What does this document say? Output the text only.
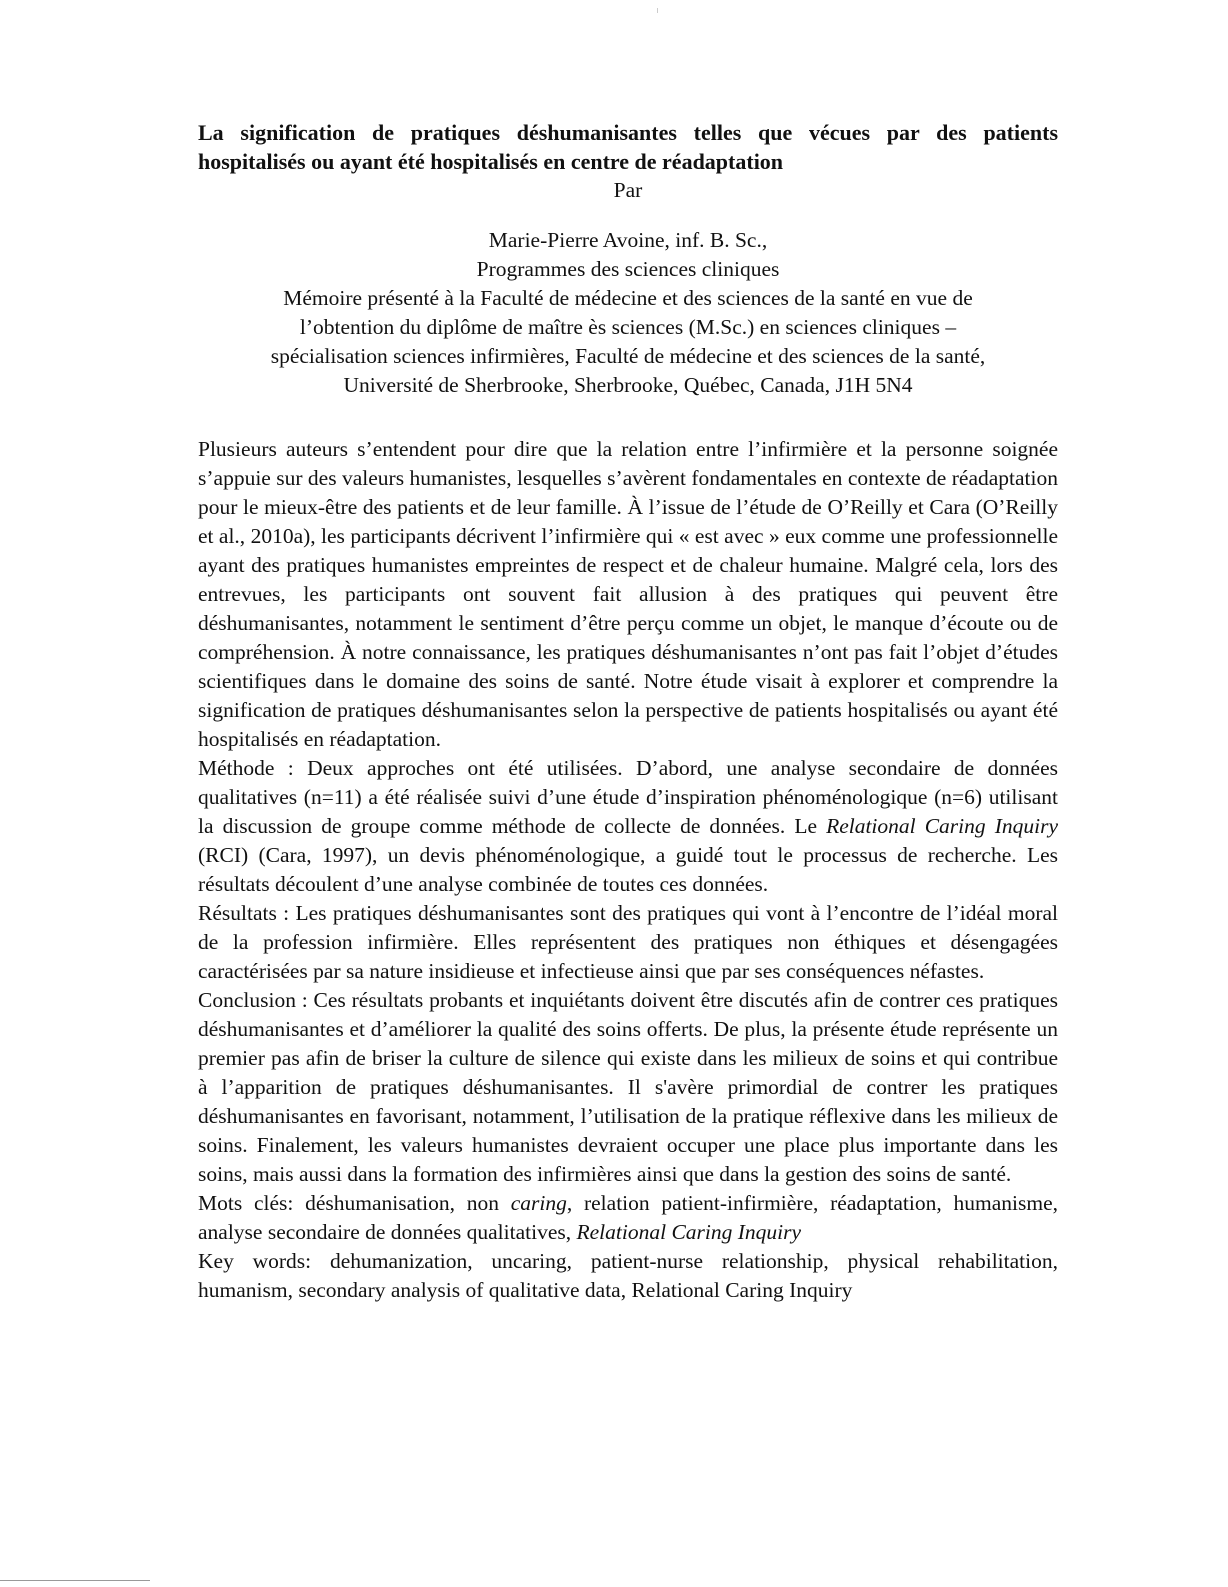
La signification de pratiques déshumanisantes telles que vécues par des patients
hospitalisés ou ayant été hospitalisés en centre de réadaptation

Par

Marie-Pierre Avoine, inf. B. Sc.,

Programmes des sciences cliniques

Mémoire présenté à la Faculté de médecine et des sciences de la santé en vue de

l’obtention du diplôme de maître ès sciences (M.Sc.) en sciences cliniques –

spécialisation sciences infirmières, Faculté de médecine et des sciences de la santé,

Université de Sherbrooke, Sherbrooke, Québec, Canada, J1H 5N4

Plusieurs auteurs s’entendent pour dire que la relation entre l’infirmière et la personne soignée s’appuie sur des valeurs humanistes, lesquelles s’avèrent fondamentales en contexte de réadaptation pour le mieux-être des patients et de leur famille. À l’issue de l’étude de O’Reilly et Cara (O’Reilly et al., 2010a), les participants décrivent l’infirmière qui « est avec » eux comme une professionnelle ayant des pratiques humanistes empreintes de respect et de chaleur humaine. Malgré cela, lors des entrevues, les participants ont souvent fait allusion à des pratiques qui peuvent être déshumanisantes, notamment le sentiment d’être perçu comme un objet, le manque d’écoute ou de compréhension. À notre connaissance, les pratiques déshumanisantes n’ont pas fait l’objet d’études scientifiques dans le domaine des soins de santé. Notre étude visait à explorer et comprendre la signification de pratiques déshumanisantes selon la perspective de patients hospitalisés ou ayant été hospitalisés en réadaptation.

Méthode : Deux approches ont été utilisées. D’abord, une analyse secondaire de données qualitatives (n=11) a été réalisée suivi d’une étude d’inspiration phénoménologique (n=6) utilisant la discussion de groupe comme méthode de collecte de données. Le Relational Caring Inquiry (RCI) (Cara, 1997), un devis phénoménologique, a guidé tout le processus de recherche. Les résultats découlent d’une analyse combinée de toutes ces données.

Résultats : Les pratiques déshumanisantes sont des pratiques qui vont à l’encontre de l’idéal moral de la profession infirmière. Elles représentent des pratiques non éthiques et désengagées caractérisées par sa nature insidieuse et infectieuse ainsi que par ses conséquences néfastes.

Conclusion : Ces résultats probants et inquiétants doivent être discutés afin de contrer ces pratiques déshumanisantes et d’améliorer la qualité des soins offerts. De plus, la présente étude représente un premier pas afin de briser la culture de silence qui existe dans les milieux de soins et qui contribue à l’apparition de pratiques déshumanisantes. Il s'avère primordial de contrer les pratiques déshumanisantes en favorisant, notamment, l’utilisation de la pratique réflexive dans les milieux de soins. Finalement, les valeurs humanistes devraient occuper une place plus importante dans les soins, mais aussi dans la formation des infirmières ainsi que dans la gestion des soins de santé.

Mots clés: déshumanisation, non caring, relation patient-infirmière, réadaptation, humanisme, analyse secondaire de données qualitatives, Relational Caring Inquiry

Key words: dehumanization, uncaring, patient-nurse relationship, physical rehabilitation, humanism, secondary analysis of qualitative data, Relational Caring Inquiry
